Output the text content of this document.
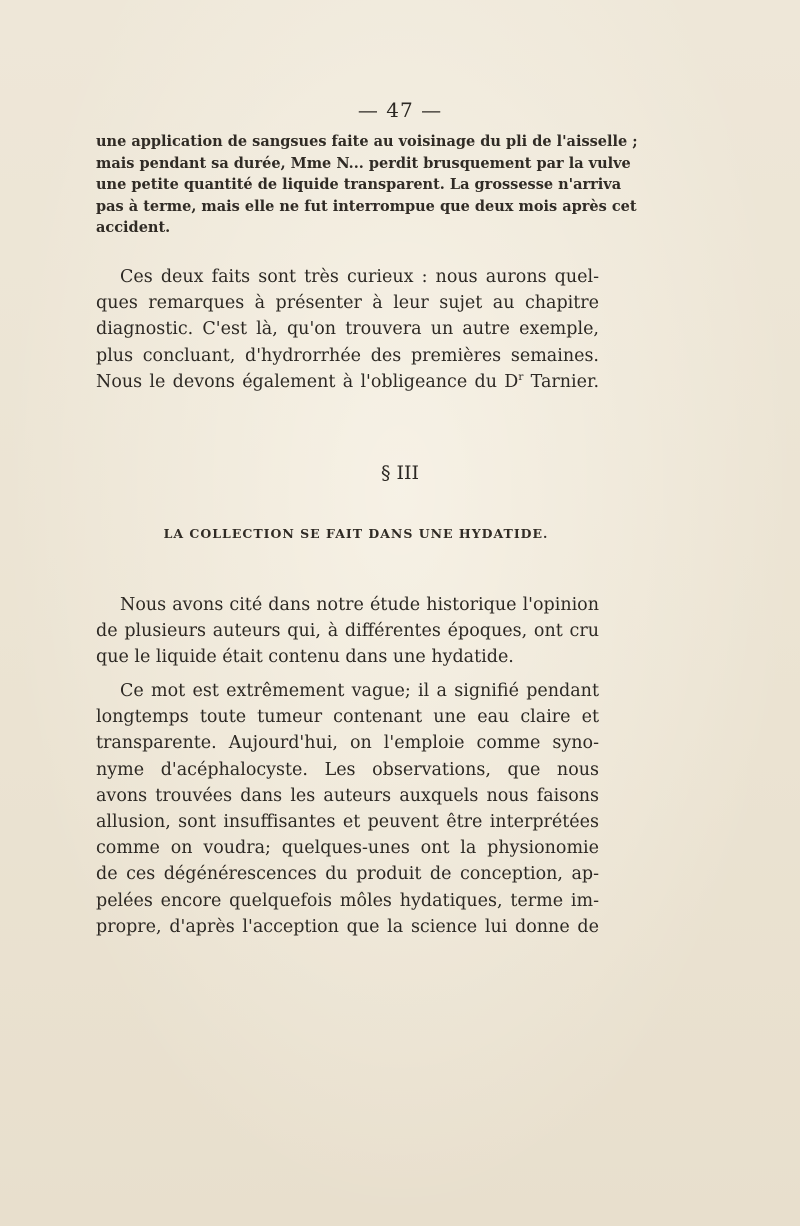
— 47 —
une application de sangsues faite au voisinage du pli de l'aisselle ;
mais pendant sa durée, Mme N... perdit brusquement par la vulve
une petite quantité de liquide transparent. La grossesse n'arriva
pas à terme, mais elle ne fut interrompue que deux mois après cet
accident.
Ces deux faits sont très curieux : nous aurons quel-
ques remarques à présenter à leur sujet au chapitre
diagnostic. C'est là, qu'on trouvera un autre exemple,
plus concluant, d'hydrorrhée des premières semaines.
Nous le devons également à l'obligeance du $D^r$ Tarnier.
§ III
LA COLLECTION SE FAIT DANS UNE HYDATIDE.
Nous avons cité dans notre étude historique l'opinion
de plusieurs auteurs qui, à différentes époques, ont cru
que le liquide était contenu dans une hydatide.
Ce mot est extrêmement vague; il a signifié pendant
longtemps toute tumeur contenant une eau claire et
transparente. Aujourd'hui, on l'emploie comme syno-
nyme d'acéphalocyste. Les observations, que nous
avons trouvées dans les auteurs auxquels nous faisons
allusion, sont insuffisantes et peuvent être interprétées
comme on voudra; quelques-unes ont la physionomie
de ces dégénérescences du produit de conception, ap-
pelées encore quelquefois môles hydatiques, terme im-
propre, d'après l'acception que la science lui donne de
